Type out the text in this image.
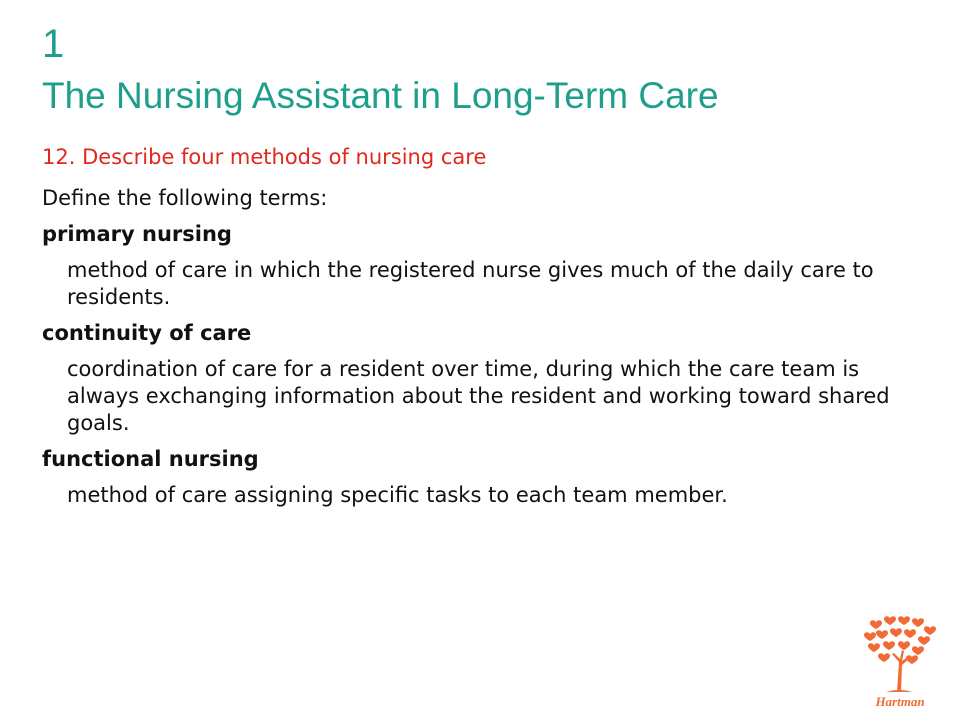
1
The Nursing Assistant in Long-Term Care

12. Describe four methods of nursing care

Define the following terms:

primary nursing

method of care in which the registered nurse gives much of the daily care to residents.

continuity of care

coordination of care for a resident over time, during which the care team is always exchanging information about the resident and working toward shared goals.

functional nursing

method of care assigning specific tasks to each team member.

Hartman
